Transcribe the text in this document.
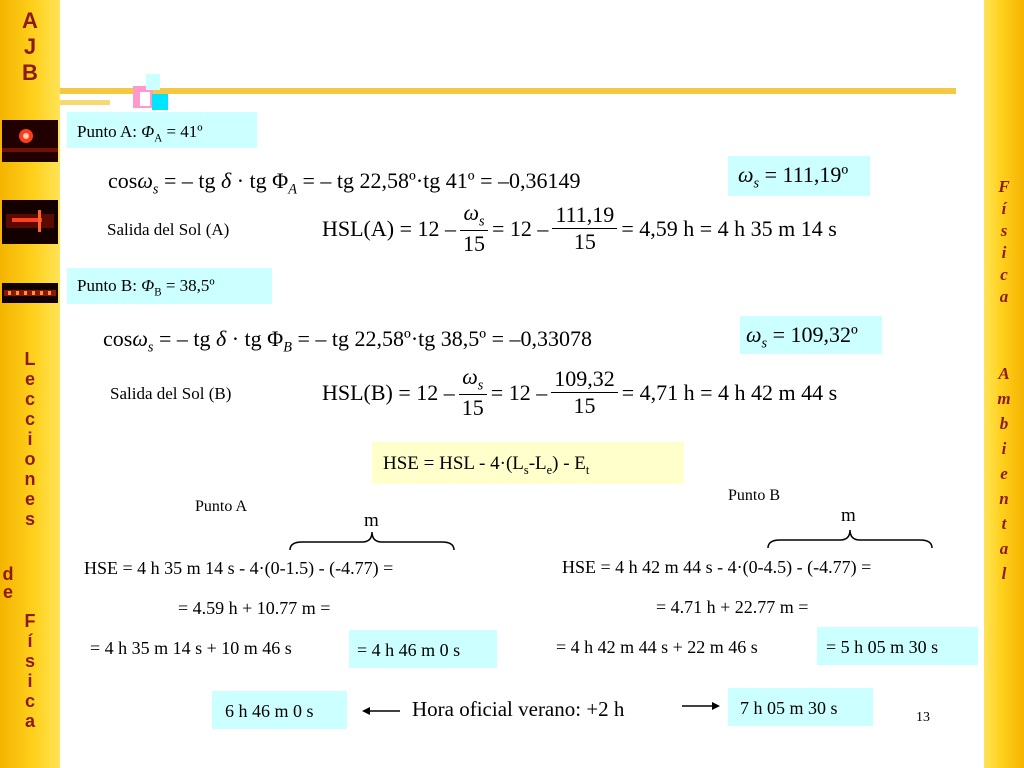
A
J
B
L
e
c
c
i
o
n
e
s
d
e
F
í
s
i
c
a
F
í
s
i
c
a
A
m
b
i
e
n
t
a
l
Punto A: $\Phi_A$ = 41º
cosω$_s$ = – tg δ · tg $\Phi_A$ = – tg 22,58º·tg 41º = –0,36149	$\omega_s$ = 111,19º
Salida del Sol (A)	$HSL(A) = 12 - \frac{\omega_s}{15} = 12 - \frac{111,19}{15} = 4,59$ h = 4 h 35 m 14 s
Punto B: $\Phi_B$ = 38,5º
cosω$_s$ = – tg δ · tg $\Phi_B$ = – tg 22,58º·tg 38,5º = –0,33078	$\omega_s$ = 109,32º
Salida del Sol (B)	$HSL(B) = 12 - \frac{\omega_s}{15} = 12 - \frac{109,32}{15} = 4,71$ h = 4 h 42 m 44 s
HSE = HSL - $4\cdot(L_s-L_e) - E_t$
Punto A
m
HSE = 4 h 35 m 14 s - 4·(0-1.5) - (-4.77) =
= 4.59 h + 10.77 m =
= 4 h 35 m 14 s + 10 m 46 s	= 4 h 46 m 0 s
Punto B
m
HSE = 4 h 42 m 44 s - 4·(0-4.5) - (-4.77) =
= 4.71 h + 22.77 m =
= 4 h 42 m 44 s + 22 m 46 s	= 5 h 05 m 30 s
6 h 46 m 0 s	Hora oficial verano: +2 h	7 h 05 m 30 s	13
